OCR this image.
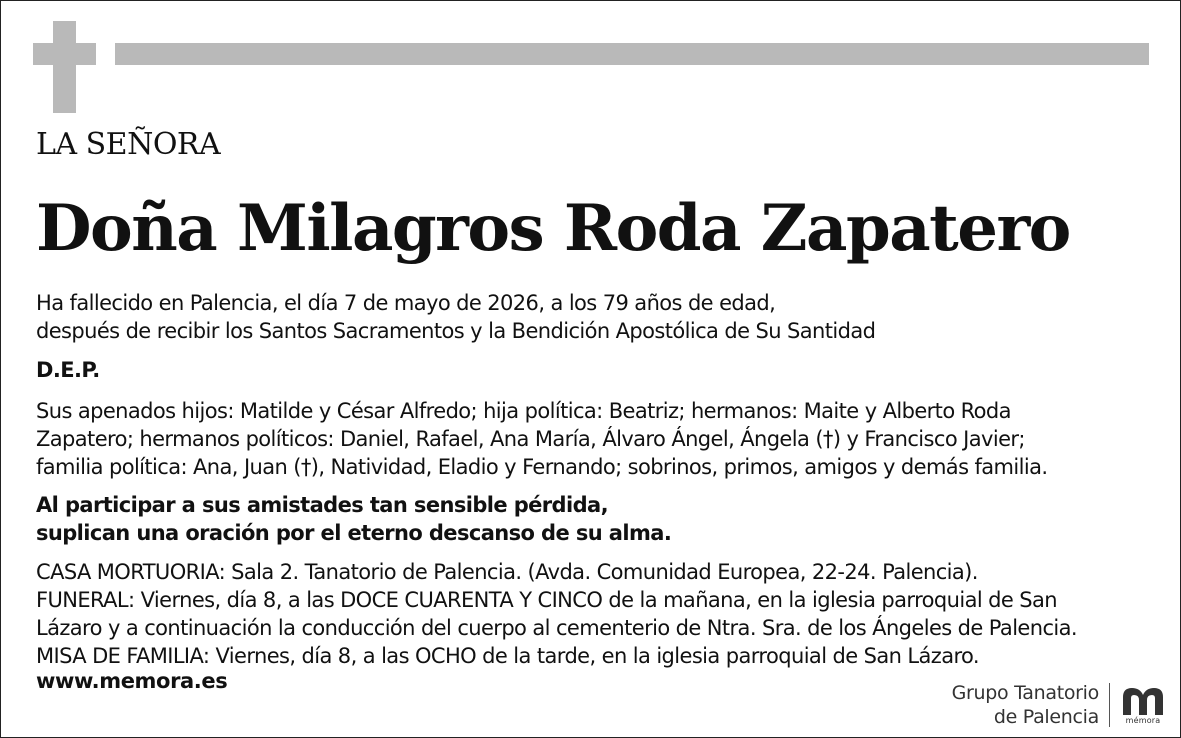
LA SEÑORA
Doña Milagros Roda Zapatero
Ha fallecido en Palencia, el día 7 de mayo de 2026, a los 79 años de edad,
después de recibir los Santos Sacramentos y la Bendición Apostólica de Su Santidad
D.E.P.
Sus apenados hijos: Matilde y César Alfredo; hija política: Beatriz; hermanos: Maite y Alberto Roda
Zapatero; hermanos políticos: Daniel, Rafael, Ana María, Álvaro Ángel, Ángela (†) y Francisco Javier;
familia política: Ana, Juan (†), Natividad, Eladio y Fernando; sobrinos, primos, amigos y demás familia.
Al participar a sus amistades tan sensible pérdida,
suplican una oración por el eterno descanso de su alma.
CASA MORTUORIA: Sala 2. Tanatorio de Palencia. (Avda. Comunidad Europea, 22-24. Palencia).
FUNERAL: Viernes, día 8, a las DOCE CUARENTA Y CINCO de la mañana, en la iglesia parroquial de San
Lázaro y a continuación la conducción del cuerpo al cementerio de Ntra. Sra. de los Ángeles de Palencia.
MISA DE FAMILIA: Viernes, día 8, a las OCHO de la tarde, en la iglesia parroquial de San Lázaro.
www.memora.es	Grupo Tanatorio
de Palencia	mémora
